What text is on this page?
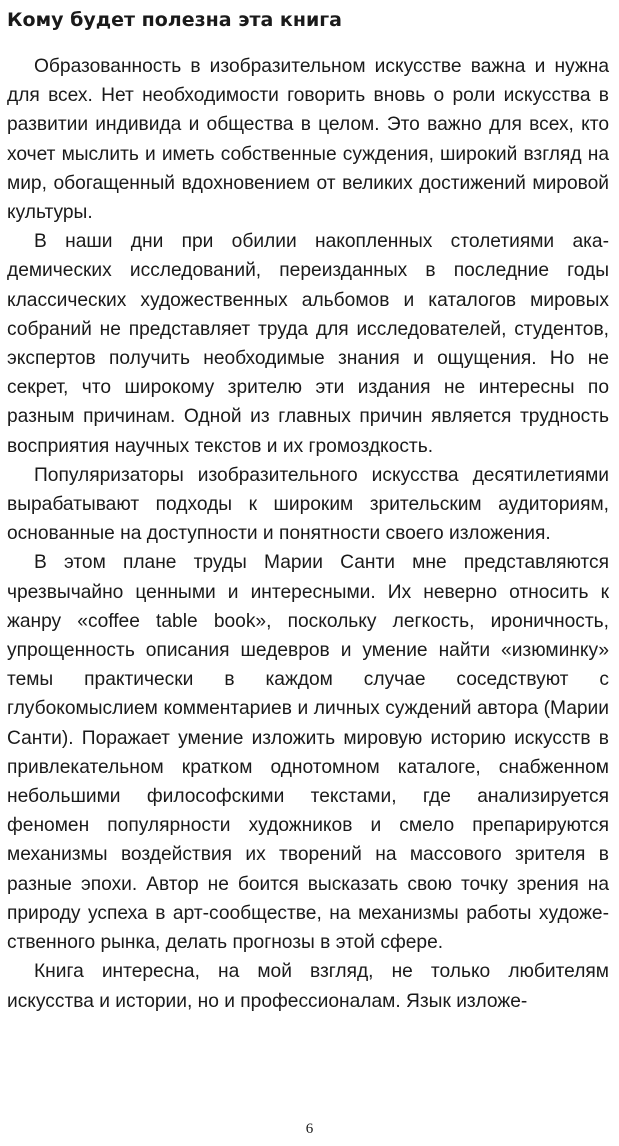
Кому будет полезна эта книга

Образованность в изобразительном искусстве важна и нужна для всех. Нет необходимости говорить вновь о роли искусства в развитии индивида и общества в целом. Это важно для всех, кто хочет мыслить и иметь собственные суждения, широкий взгляд на мир, обогащенный вдохновением от великих достижений мировой культуры.

В наши дни при обилии накопленных столетиями академических исследований, переизданных в последние годы классических художественных альбомов и каталогов мировых собраний не представляет труда для исследователей, студентов, экспертов получить необходимые знания и ощущения. Но не секрет, что широкому зрителю эти издания не интересны по разным причинам. Одной из главных причин является трудность восприятия научных текстов и их громоздкость.

Популяризаторы изобразительного искусства десятилетиями вырабатывают подходы к широким зрительским аудиториям, основанные на доступности и понятности своего изложения.

В этом плане труды Марии Санти мне представляются чрезвычайно ценными и интересными. Их неверно относить к жанру «coffee table book», поскольку легкость, ироничность, упрощенность описания шедевров и умение найти «изюминку» темы практически в каждом случае соседствуют с глубокомыслием комментариев и личных суждений автора (Марии Санти). Поражает умение изложить мировую историю искусств в привлекательном кратком однотомном каталоге, снабженном небольшими философскими текстами, где анализируется феномен популярности художников и смело препарируются механизмы воздействия их творений на массового зрителя в разные эпохи. Автор не боится высказать свою точку зрения на природу успеха в арт-сообществе, на механизмы работы художественного рынка, делать прогнозы в этой сфере.

Книга интересна, на мой взгляд, не только любителям искусства и истории, но и профессионалам. Язык изложе-

6
